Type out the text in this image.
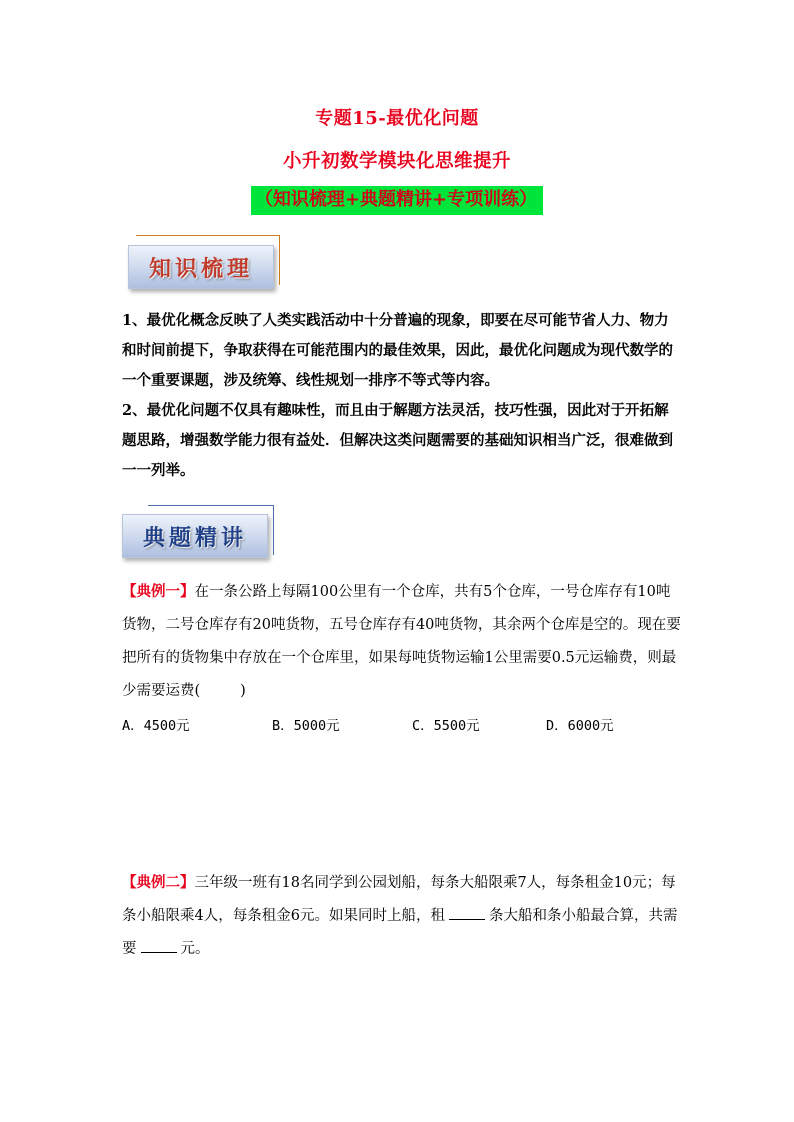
专题15-最优化问题
小升初数学模块化思维提升
（知识梳理+典题精讲+专项训练）
知识梳理

1、最优化概念反映了人类实践活动中十分普遍的现象，即要在尽可能节省人力、物力和时间前提下，争取获得在可能范围内的最佳效果，因此，最优化问题成为现代数学的一个重要课题，涉及统筹、线性规划一排序不等式等内容。

2、最优化问题不仅具有趣味性，而且由于解题方法灵活，技巧性强，因此对于开拓解题思路，增强数学能力很有益处．但解决这类问题需要的基础知识相当广泛，很难做到一一列举。

典题精讲
【典例一】在一条公路上每隔100公里有一个仓库，共有5个仓库，一号仓库存有10吨货物，二号仓库存有20吨货物，五号仓库存有40吨货物，其余两个仓库是空的。现在要把所有的货物集中存放在一个仓库里，如果每吨货物运输1公里需要0.5元运输费，则最少需要运费(	)
A．4500元	B．5000元	C．5500元	D．6000元
【典例二】三年级一班有18名同学到公园划船，每条大船限乘7人，每条租金10元；每条小船限乘4人，每条租金6元。如果同时上船，租	条大船和条小船最合算，共需要	元。
